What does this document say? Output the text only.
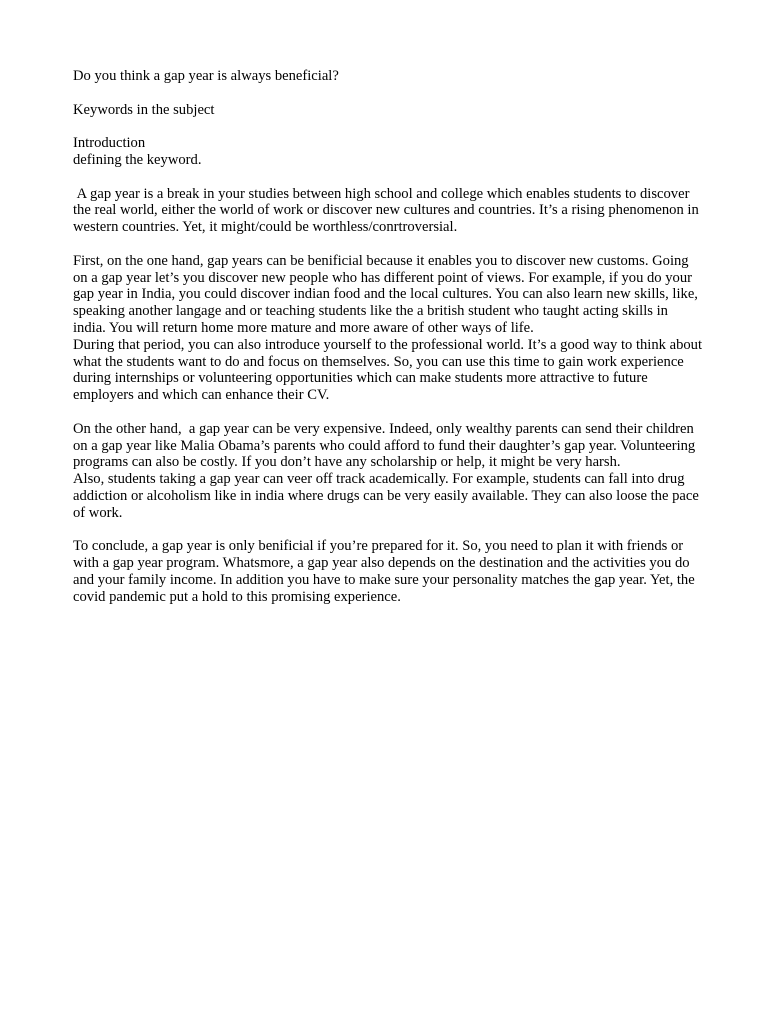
Do you think a gap year is always beneficial?

Keywords in the subject

Introduction

defining the keyword.

A gap year is a break in your studies between high school and college which enables students to discover the real world, either the world of work or discover new cultures and countries. It’s a rising phenomenon in western countries. Yet, it might/could be worthless/conrtroversial.

First, on the one hand, gap years can be benificial because it enables you to discover new customs. Going on a gap year let’s you discover new people who has different point of views. For example, if you do your gap year in India, you could discover indian food and the local cultures. You can also learn new skills, like, speaking another langage and or teaching students like the a british student who taught acting skills in india. You will return home more mature and more aware of other ways of life.

During that period, you can also introduce yourself to the professional world. It’s a good way to think about what the students want to do and focus on themselves. So, you can use this time to gain work experience during internships or volunteering opportunities which can make students more attractive to future employers and which can enhance their CV.

On the other hand,  a gap year can be very expensive. Indeed, only wealthy parents can send their children on a gap year like Malia Obama’s parents who could afford to fund their daughter’s gap year. Volunteering programs can also be costly. If you don’t have any scholarship or help, it might be very harsh.

Also, students taking a gap year can veer off track academically. For example, students can fall into drug addiction or alcoholism like in india where drugs can be very easily available. They can also loose the pace of work.

To conclude, a gap year is only benificial if you’re prepared for it. So, you need to plan it with friends or with a gap year program. Whatsmore, a gap year also depends on the destination and the activities you do and your family income. In addition you have to make sure your personality matches the gap year. Yet, the covid pandemic put a hold to this promising experience.
